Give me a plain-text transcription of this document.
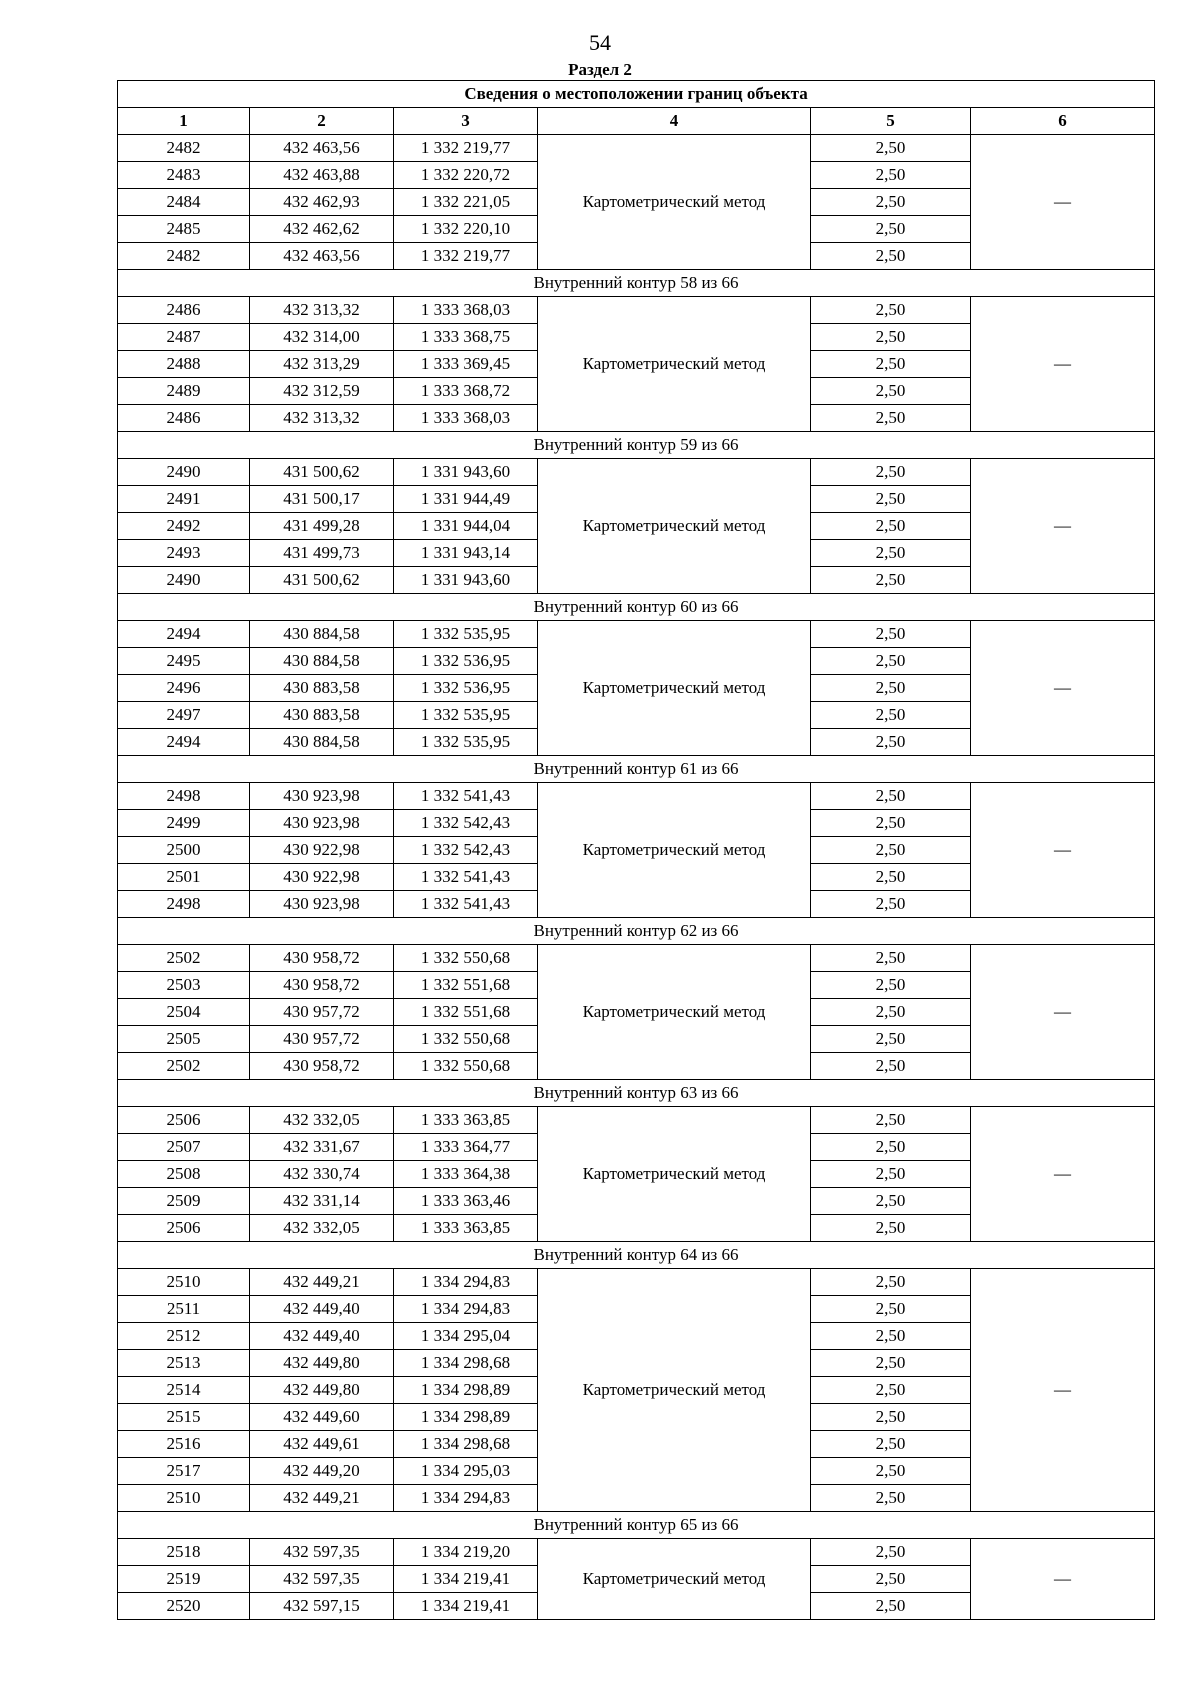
54
Раздел 2
Сведения о местоположении границ объекта					
1	2	3	4	5	6
2482	432 463,56	1 332 219,77	Картометрический метод	2,50	—
2483	432 463,88	1 332 220,72		2,50	
2484	432 462,93	1 332 221,05		2,50	
2485	432 462,62	1 332 220,10		2,50	
2482	432 463,56	1 332 219,77		2,50	
Внутренний контур 58 из 66					
2486	432 313,32	1 333 368,03	Картометрический метод	2,50	—
2487	432 314,00	1 333 368,75		2,50	
2488	432 313,29	1 333 369,45		2,50	
2489	432 312,59	1 333 368,72		2,50	
2486	432 313,32	1 333 368,03		2,50	
Внутренний контур 59 из 66					
2490	431 500,62	1 331 943,60	Картометрический метод	2,50	—
2491	431 500,17	1 331 944,49		2,50	
2492	431 499,28	1 331 944,04		2,50	
2493	431 499,73	1 331 943,14		2,50	
2490	431 500,62	1 331 943,60		2,50	
Внутренний контур 60 из 66					
2494	430 884,58	1 332 535,95	Картометрический метод	2,50	—
2495	430 884,58	1 332 536,95		2,50	
2496	430 883,58	1 332 536,95		2,50	
2497	430 883,58	1 332 535,95		2,50	
2494	430 884,58	1 332 535,95		2,50	
Внутренний контур 61 из 66					
2498	430 923,98	1 332 541,43	Картометрический метод	2,50	—
2499	430 923,98	1 332 542,43		2,50	
2500	430 922,98	1 332 542,43		2,50	
2501	430 922,98	1 332 541,43		2,50	
2498	430 923,98	1 332 541,43		2,50	
Внутренний контур 62 из 66					
2502	430 958,72	1 332 550,68	Картометрический метод	2,50	—
2503	430 958,72	1 332 551,68		2,50	
2504	430 957,72	1 332 551,68		2,50	
2505	430 957,72	1 332 550,68		2,50	
2502	430 958,72	1 332 550,68		2,50	
Внутренний контур 63 из 66					
2506	432 332,05	1 333 363,85	Картометрический метод	2,50	—
2507	432 331,67	1 333 364,77		2,50	
2508	432 330,74	1 333 364,38		2,50	
2509	432 331,14	1 333 363,46		2,50	
2506	432 332,05	1 333 363,85		2,50	
Внутренний контур 64 из 66					
2510	432 449,21	1 334 294,83	Картометрический метод	2,50	—
2511	432 449,40	1 334 294,83		2,50	
2512	432 449,40	1 334 295,04		2,50	
2513	432 449,80	1 334 298,68		2,50	
2514	432 449,80	1 334 298,89		2,50	
2515	432 449,60	1 334 298,89		2,50	
2516	432 449,61	1 334 298,68		2,50	
2517	432 449,20	1 334 295,03		2,50	
2510	432 449,21	1 334 294,83		2,50	
Внутренний контур 65 из 66					
2518	432 597,35	1 334 219,20	Картометрический метод	2,50	—
2519	432 597,35	1 334 219,41		2,50	
2520	432 597,15	1 334 219,41		2,50	
